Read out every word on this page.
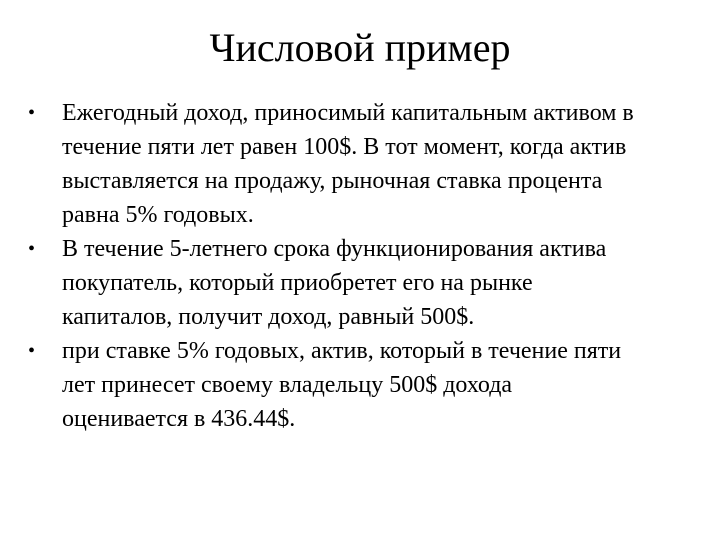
Числовой пример
• Ежегодный доход, приносимый капитальным активом в
течение пяти лет равен 100$. В тот момент, когда актив
выставляется на продажу, рыночная ставка процента
равна 5% годовых.
• В течение 5-летнего срока функционирования актива
покупатель, который приобретет его на рынке
капиталов, получит доход, равный 500$.
• при ставке 5% годовых, актив, который в течение пяти
лет принесет своему владельцу 500$ дохода
оценивается в 436.44$.
